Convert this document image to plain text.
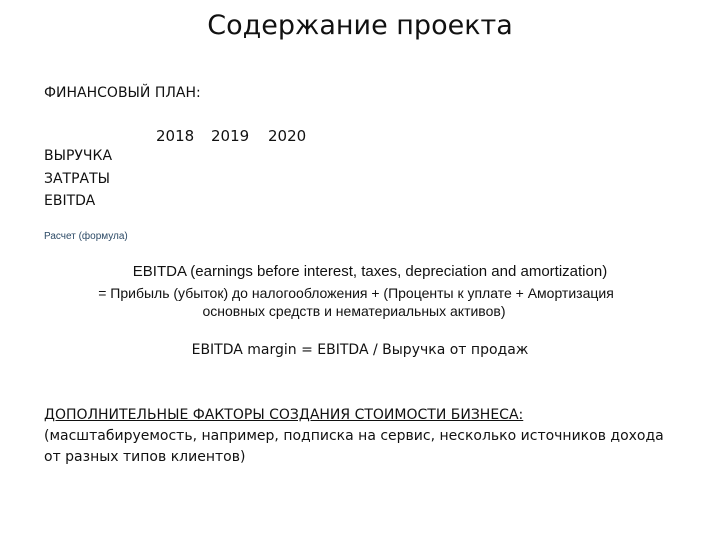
Содержание проекта
ФИНАНСОВЫЙ ПЛАН:
2018 2019 2020
ВЫРУЧКА
ЗАТРАТЫ
EBITDA
Расчет (формула)
EBITDA (earnings before interest, taxes, depreciation and amortization)
= Прибыль (убыток) до налогообложения + (Проценты к уплате + Амортизация
основных средств и нематериальных активов)
EBITDA margin = EBITDA / Выручка от продаж
ДОПОЛНИТЕЛЬНЫЕ ФАКТОРЫ СОЗДАНИЯ СТОИМОСТИ БИЗНЕСА:
(масштабируемость, например, подписка на сервис, несколько источников дохода от разных типов клиентов)
